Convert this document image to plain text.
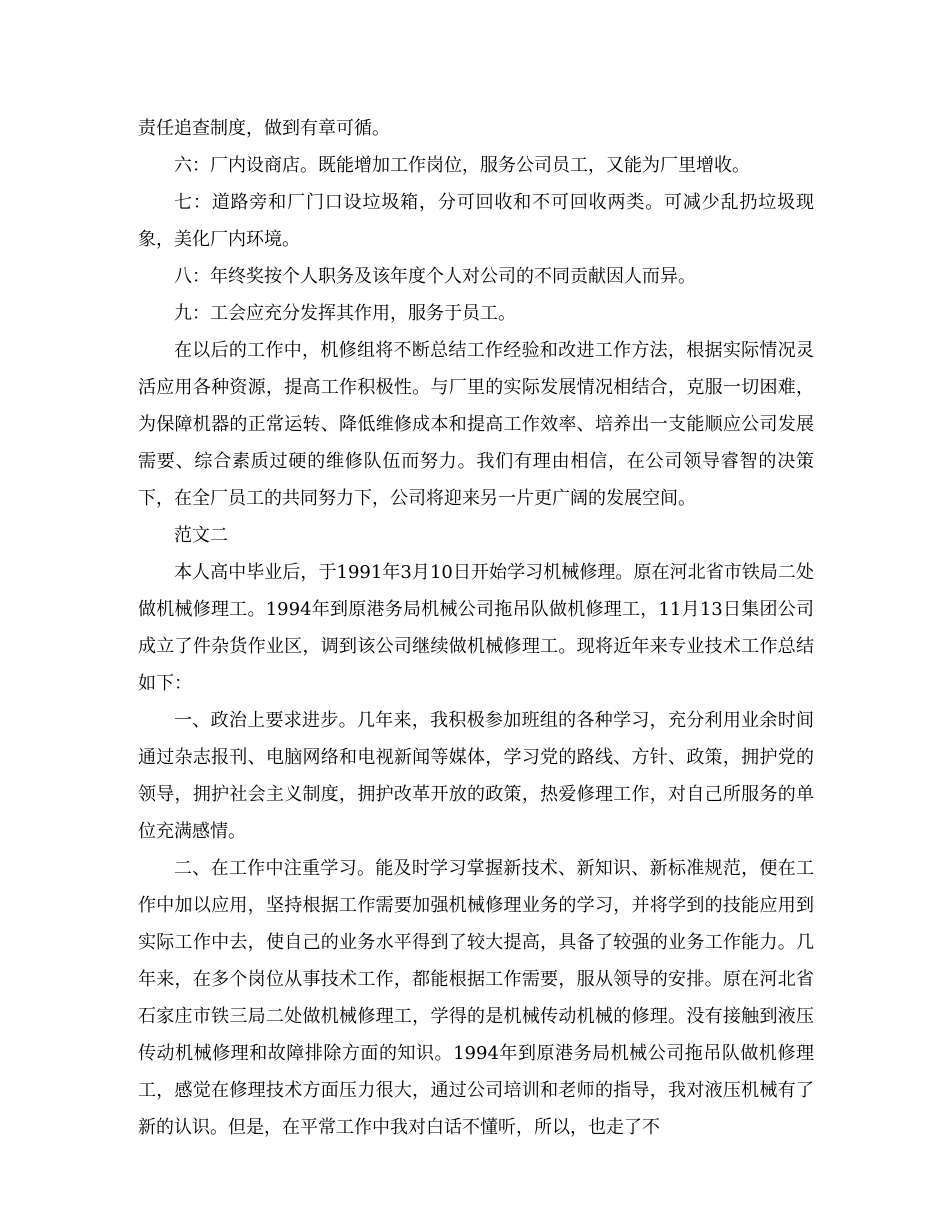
责任追查制度，做到有章可循。

六：厂内设商店。既能增加工作岗位，服务公司员工，又能为厂里增收。

七：道路旁和厂门口设垃圾箱，分可回收和不可回收两类。可减少乱扔垃圾现象，美化厂内环境。

八：年终奖按个人职务及该年度个人对公司的不同贡献因人而异。

九：工会应充分发挥其作用，服务于员工。

在以后的工作中，机修组将不断总结工作经验和改进工作方法，根据实际情况灵活应用各种资源，提高工作积极性。与厂里的实际发展情况相结合，克服一切困难，为保障机器的正常运转、降低维修成本和提高工作效率、培养出一支能顺应公司发展需要、综合素质过硬的维修队伍而努力。我们有理由相信，在公司领导睿智的决策下，在全厂员工的共同努力下，公司将迎来另一片更广阔的发展空间。

范文二

本人高中毕业后，于1991年3月10日开始学习机械修理。原在河北省市铁局二处做机械修理工。1994年到原港务局机械公司拖吊队做机修理工，11月13日集团公司成立了件杂货作业区，调到该公司继续做机械修理工。现将近年来专业技术工作总结如下：

一、政治上要求进步。几年来，我积极参加班组的各种学习，充分利用业余时间通过杂志报刊、电脑网络和电视新闻等媒体，学习党的路线、方针、政策，拥护党的领导，拥护社会主义制度，拥护改革开放的政策，热爱修理工作，对自己所服务的单位充满感情。

二、在工作中注重学习。能及时学习掌握新技术、新知识、新标准规范，便在工作中加以应用，坚持根据工作需要加强机械修理业务的学习，并将学到的技能应用到实际工作中去，使自己的业务水平得到了较大提高，具备了较强的业务工作能力。几年来，在多个岗位从事技术工作，都能根据工作需要，服从领导的安排。原在河北省石家庄市铁三局二处做机械修理工，学得的是机械传动机械的修理。没有接触到液压传动机械修理和故障排除方面的知识。1994年到原港务局机械公司拖吊队做机修理工，感觉在修理技术方面压力很大，通过公司培训和老师的指导，我对液压机械有了新的认识。但是，在平常工作中我对白话不懂听，所以，也走了不
